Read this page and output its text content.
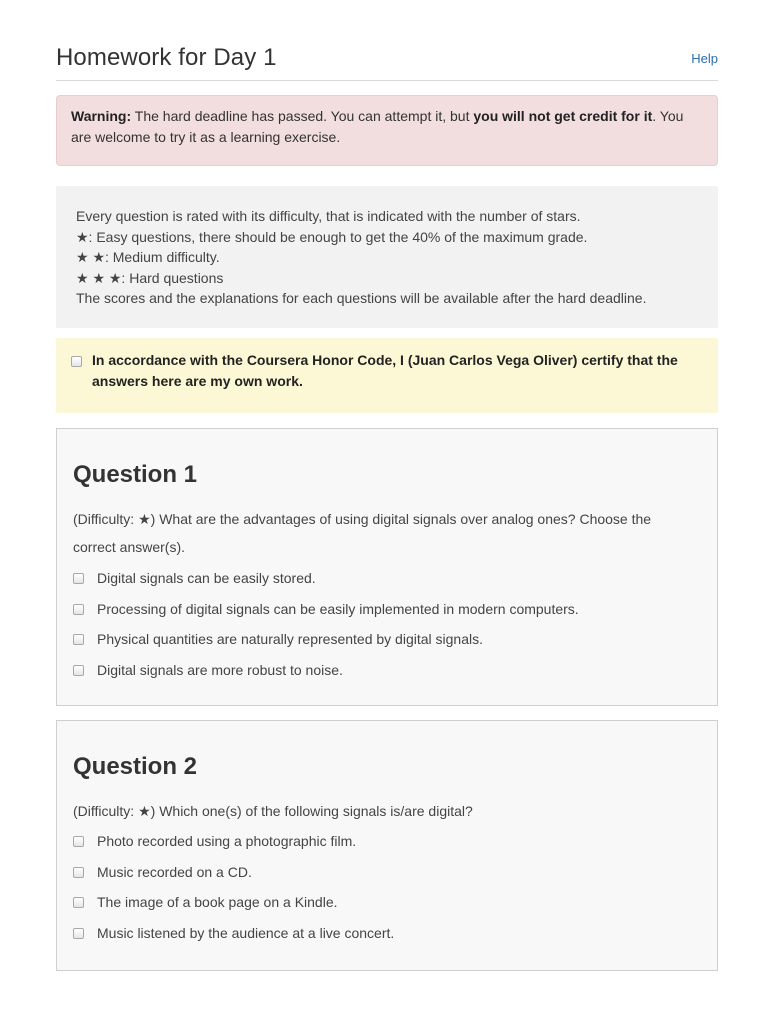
Homework for Day 1	Help
Warning: The hard deadline has passed. You can attempt it, but you will not get credit for it. You are welcome to try it as a learning exercise.
Every question is rated with its difficulty, that is indicated with the number of stars.
★: Easy questions, there should be enough to get the 40% of the maximum grade.
★ ★: Medium difficulty.
★ ★ ★: Hard questions
The scores and the explanations for each questions will be available after the hard deadline.
In accordance with the Coursera Honor Code, I (Juan Carlos Vega Oliver) certify that the answers here are my own work.
Question 1
(Difficulty: ★) What are the advantages of using digital signals over analog ones? Choose the correct answer(s).
Digital signals can be easily stored.
Processing of digital signals can be easily implemented in modern computers.
Physical quantities are naturally represented by digital signals.
Digital signals are more robust to noise.
Question 2
(Difficulty: ★) Which one(s) of the following signals is/are digital?
Photo recorded using a photographic film.
Music recorded on a CD.
The image of a book page on a Kindle.
Music listened by the audience at a live concert.
